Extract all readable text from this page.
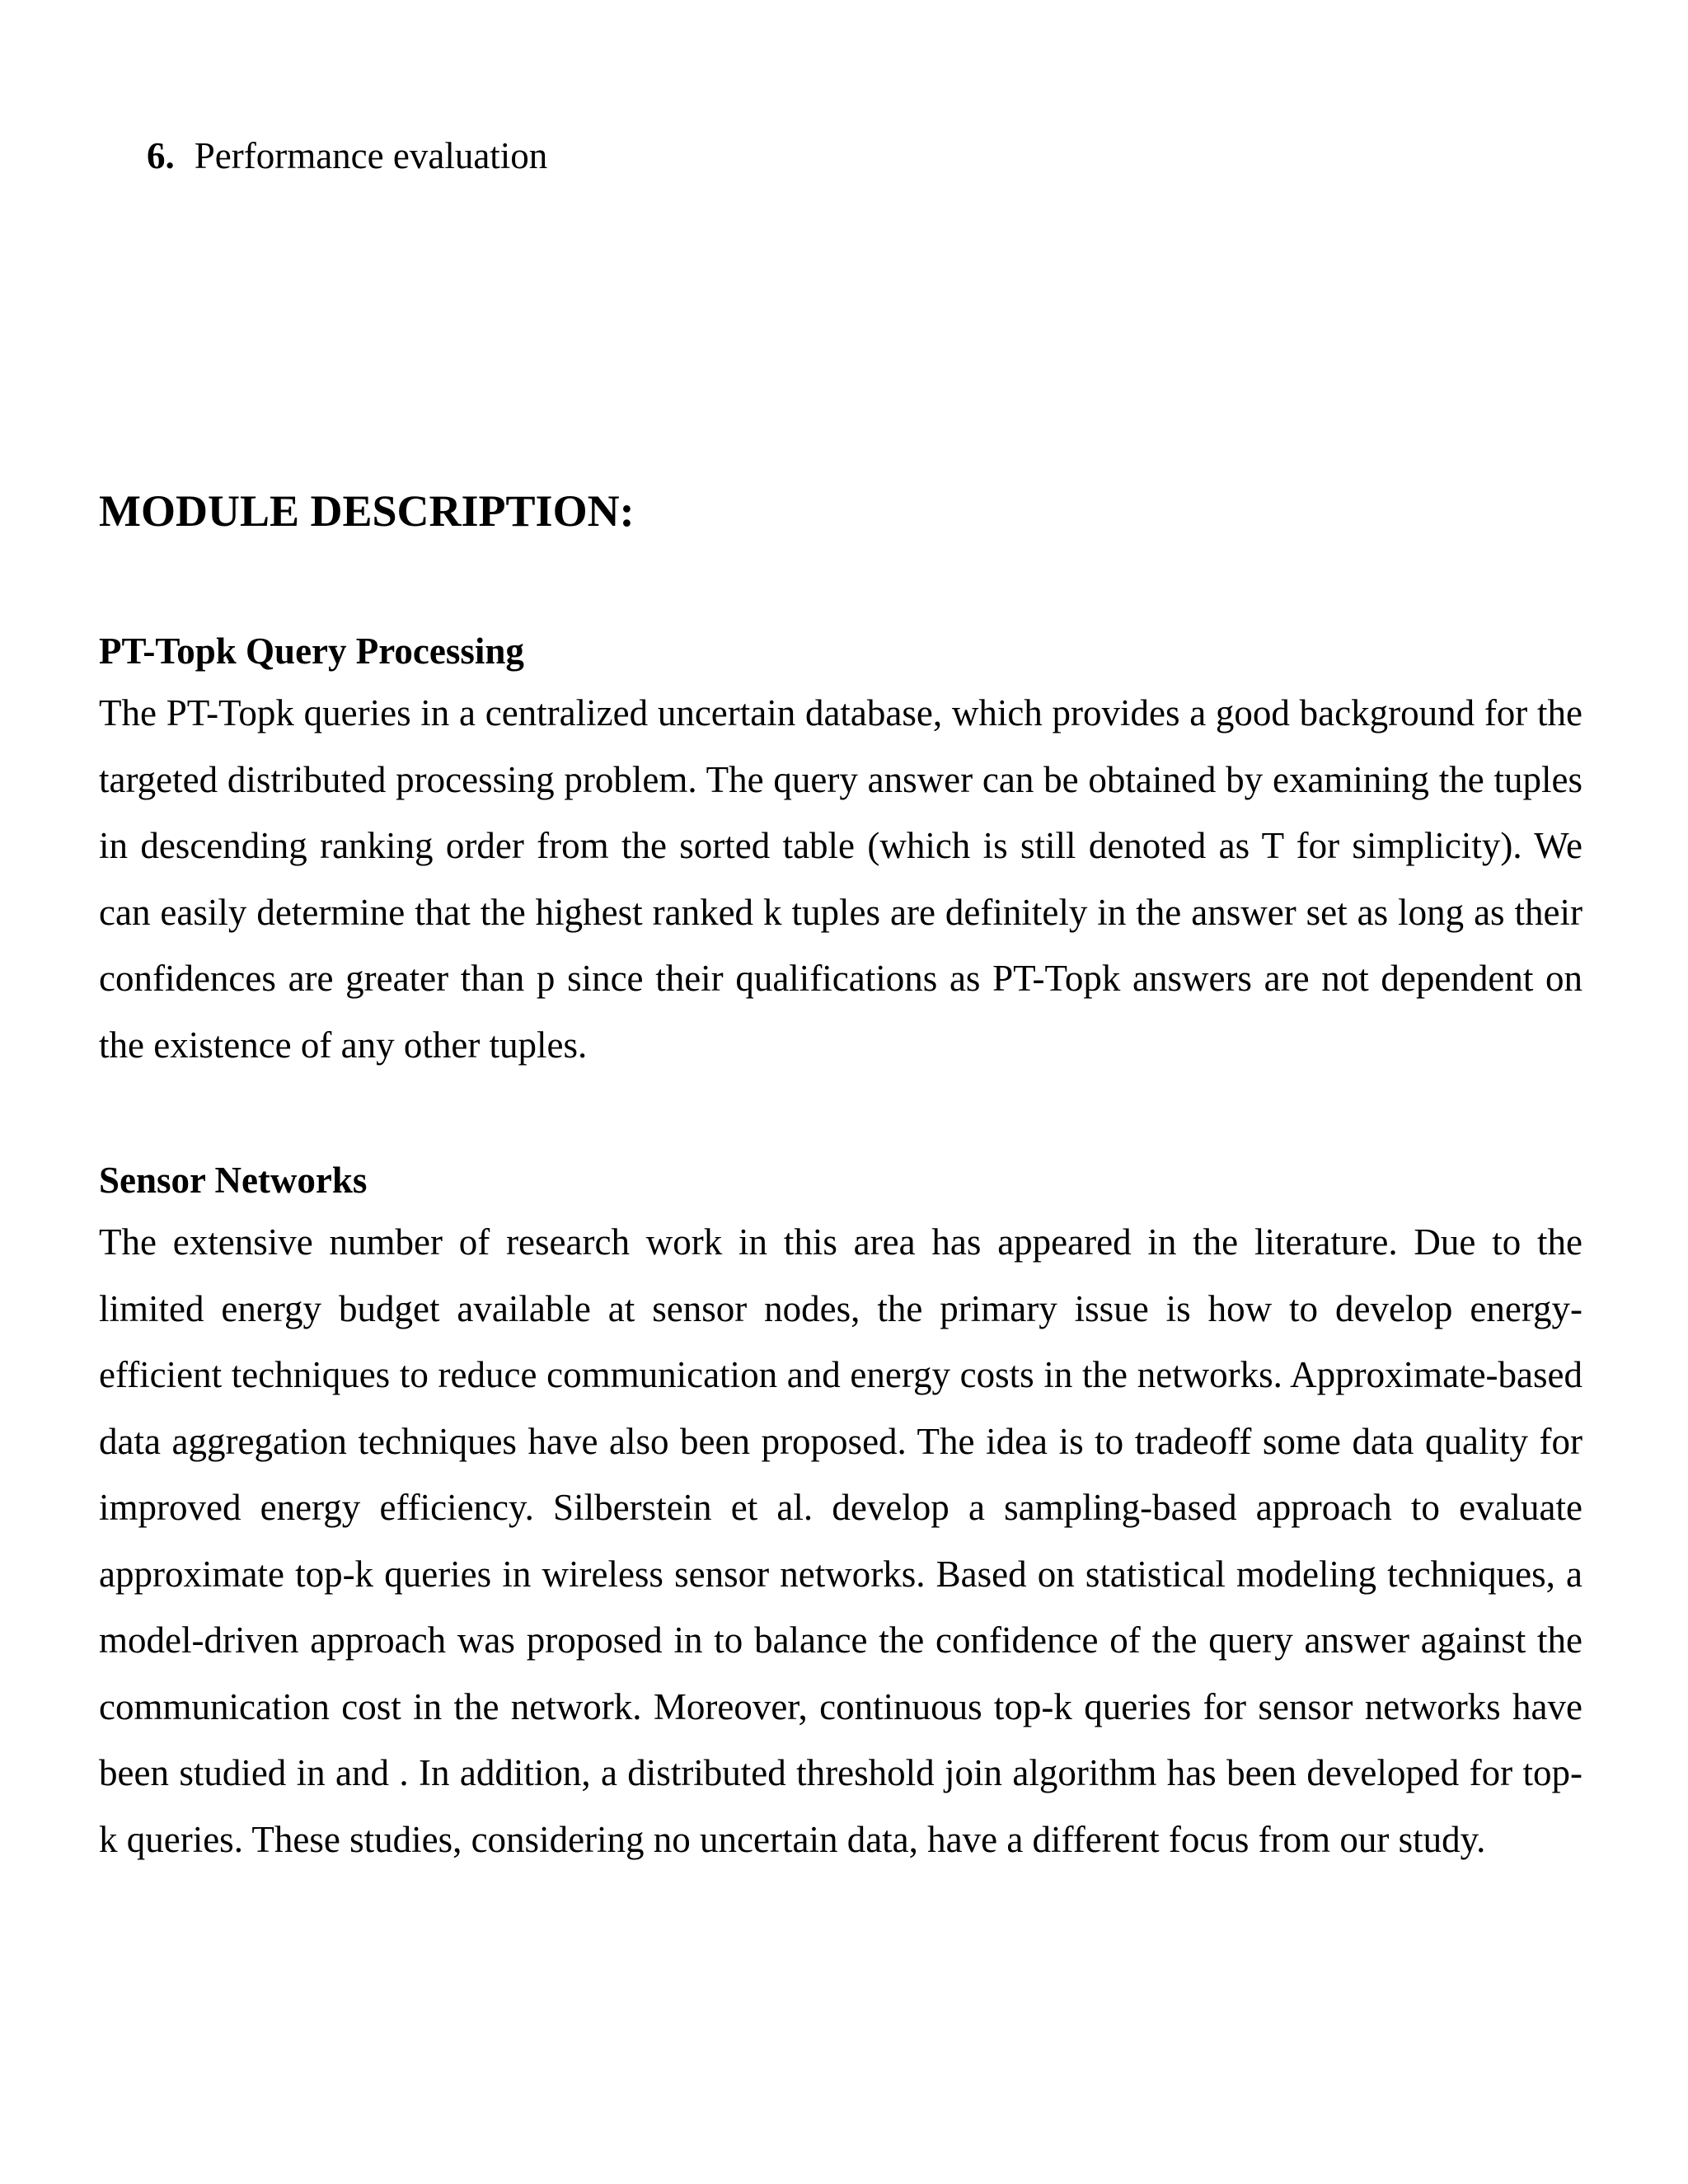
6. Performance evaluation
MODULE DESCRIPTION:

PT-Topk Query Processing

The PT-Topk queries in a centralized uncertain database, which provides a good background for the targeted distributed processing problem. The query answer can be obtained by examining the tuples in descending ranking order from the sorted table (which is still denoted as T for simplicity). We can easily determine that the highest ranked k tuples are definitely in the answer set as long as their confidences are greater than p since their qualifications as PT-Topk answers are not dependent on the existence of any other tuples.

Sensor Networks

The extensive number of research work in this area has appeared in the literature. Due to the limited energy budget available at sensor nodes, the primary issue is how to develop energy-efficient techniques to reduce communication and energy costs in the networks. Approximate-based data aggregation techniques have also been proposed. The idea is to tradeoff some data quality for improved energy efficiency. Silberstein et al. develop a sampling-based approach to evaluate approximate top-k queries in wireless sensor networks. Based on statistical modeling techniques, a model-driven approach was proposed in to balance the confidence of the query answer against the communication cost in the network. Moreover, continuous top-k queries for sensor networks have been studied in and . In addition, a distributed threshold join algorithm has been developed for top-k queries. These studies, considering no uncertain data, have a different focus from our study.
